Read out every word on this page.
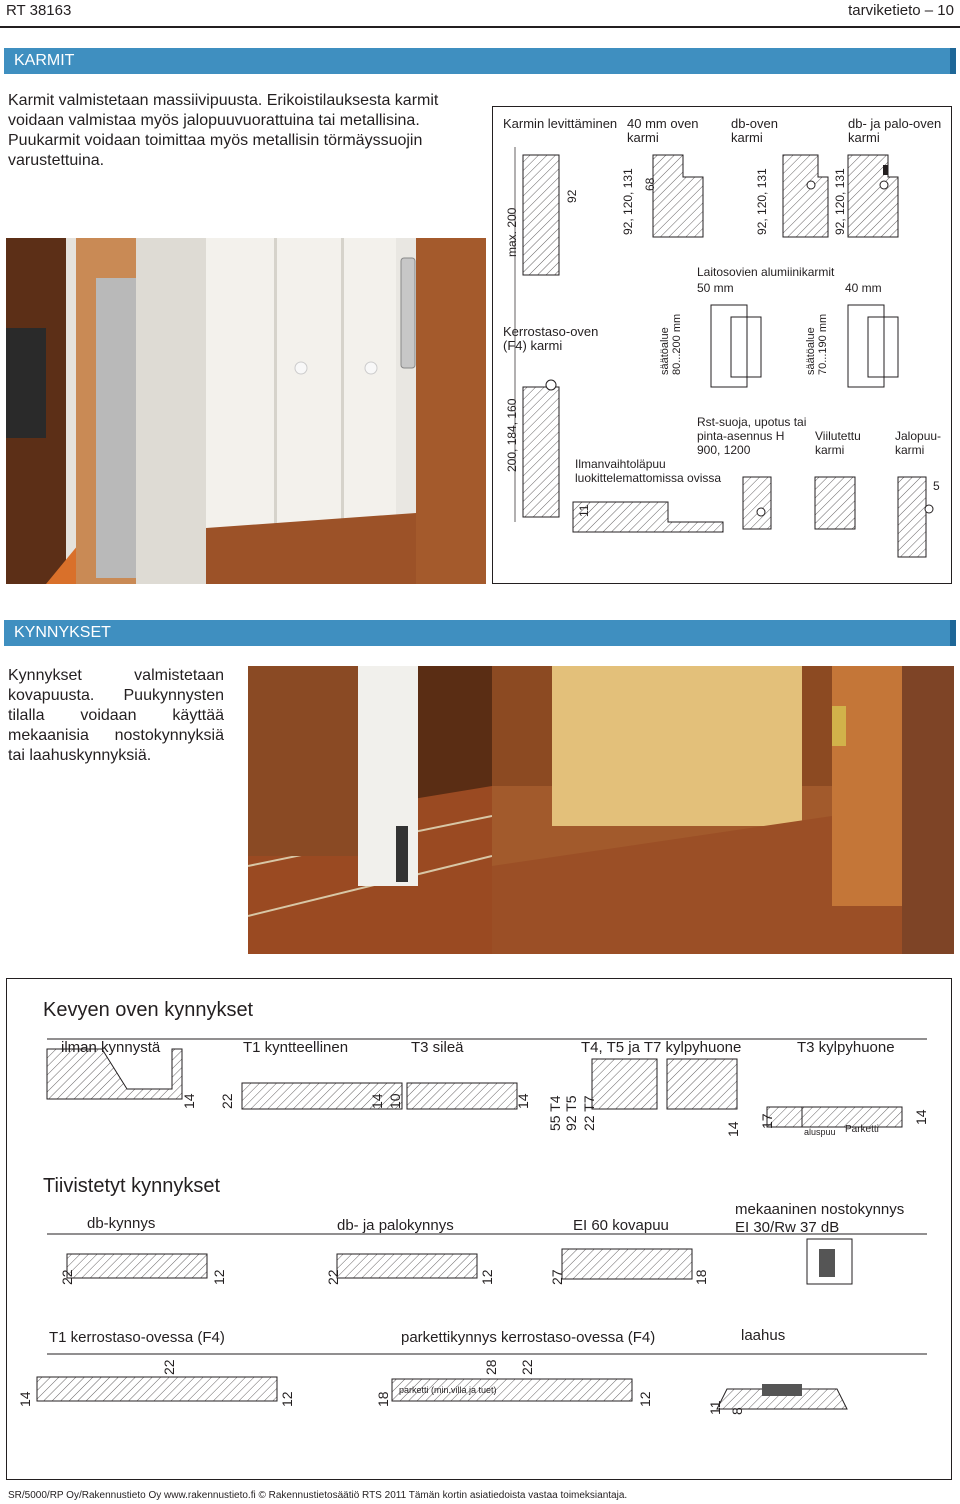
RT 38163	tarviketieto – 10
KARMIT
Karmit valmistetaan massiivipuusta. Erikoistilauksesta karmit voidaan valmistaa myös jalopuuvuorattuina tai metallisina. Puukarmit voidaan toimittaa myös metallisin törmäyssuojin varustettuina.
Karmin levittäminen 40 mm oven karmi
db-oven karmi
db- ja palo-oven karmi
max. 200
92	92, 120, 131 68	92, 120, 131	92, 120, 131
Laitosovien alumiinikarmit
50 mm	40 mm
Kerrostaso-oven (F4) karmi	säätöalue 80...200 mm	säätöalue 70...190 mm
200, 184, 160	Rst-suoja, upotus tai pinta-asennus H 900, 1200
Viilutettu karmi
Jalopuu-karmi
Ilmanvaihtoläpuu luokittelemattomissa ovissa
11
5
KYNNYKSET
Kynnykset valmistetaan kovapuusta. Puukynnysten tilalla voidaan käyttää mekaanisia nostokynnyksiä tai laahuskynnyksiä.
Kevyen oven kynnykset
ilman kynnystä	T1 kyntteellinen	T3 sileä	T4, T5 ja T7 kylpyhuone	T3 kylpyhuone
14 22	14 10	14 55 T4 92 T5 22 T7	14
17
aluspuu Parketti
14
Tiivistetyt kynnykset
db-kynnys	db- ja palokynnys	EI 60 kovapuu
mekaaninen nostokynnys
EI 30/Rw 37 dB
22	12	22	12	27	18
T1 kerrostaso-ovessa (F4)	parkettikynnys kerrostaso-ovessa (F4)	laahus
14
22
12	18
28 22
12
11 8
parketti (min.villa ja tuet)
SR/5000/RP Oy/Rakennustieto Oy www.rakennustieto.fi © Rakennustietosäätiö RTS 2011 Tämän kortin asiatiedoista vastaa toimeksiantaja.
